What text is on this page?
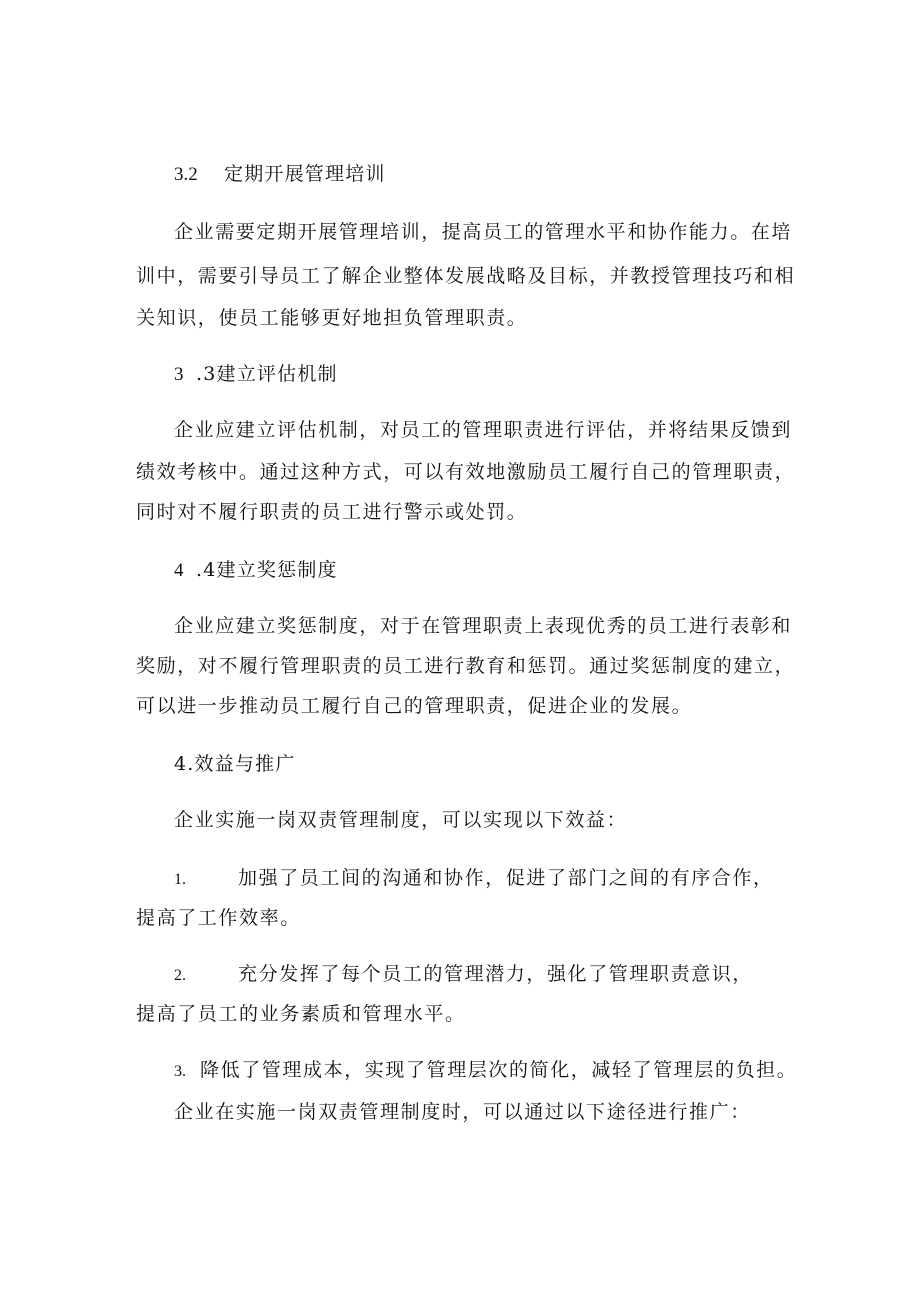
3.2 定期开展管理培训
企业需要定期开展管理培训，提高员工的管理水平和协作能力。在培
训中，需要引导员工了解企业整体发展战略及目标，并教授管理技巧和相
关知识，使员工能够更好地担负管理职责。
3 .3建立评估机制
企业应建立评估机制，对员工的管理职责进行评估，并将结果反馈到
绩效考核中。通过这种方式，可以有效地激励员工履行自己的管理职责，
同时对不履行职责的员工进行警示或处罚。
4 .4建立奖惩制度
企业应建立奖惩制度，对于在管理职责上表现优秀的员工进行表彰和
奖励，对不履行管理职责的员工进行教育和惩罚。通过奖惩制度的建立，
可以进一步推动员工履行自己的管理职责，促进企业的发展。
4.效益与推广
企业实施一岗双责管理制度，可以实现以下效益：
1.	加强了员工间的沟通和协作，促进了部门之间的有序合作，
提高了工作效率。
2.	充分发挥了每个员工的管理潜力，强化了管理职责意识，
提高了员工的业务素质和管理水平。
3. 降低了管理成本，实现了管理层次的简化，减轻了管理层的负担。
企业在实施一岗双责管理制度时，可以通过以下途径进行推广：
